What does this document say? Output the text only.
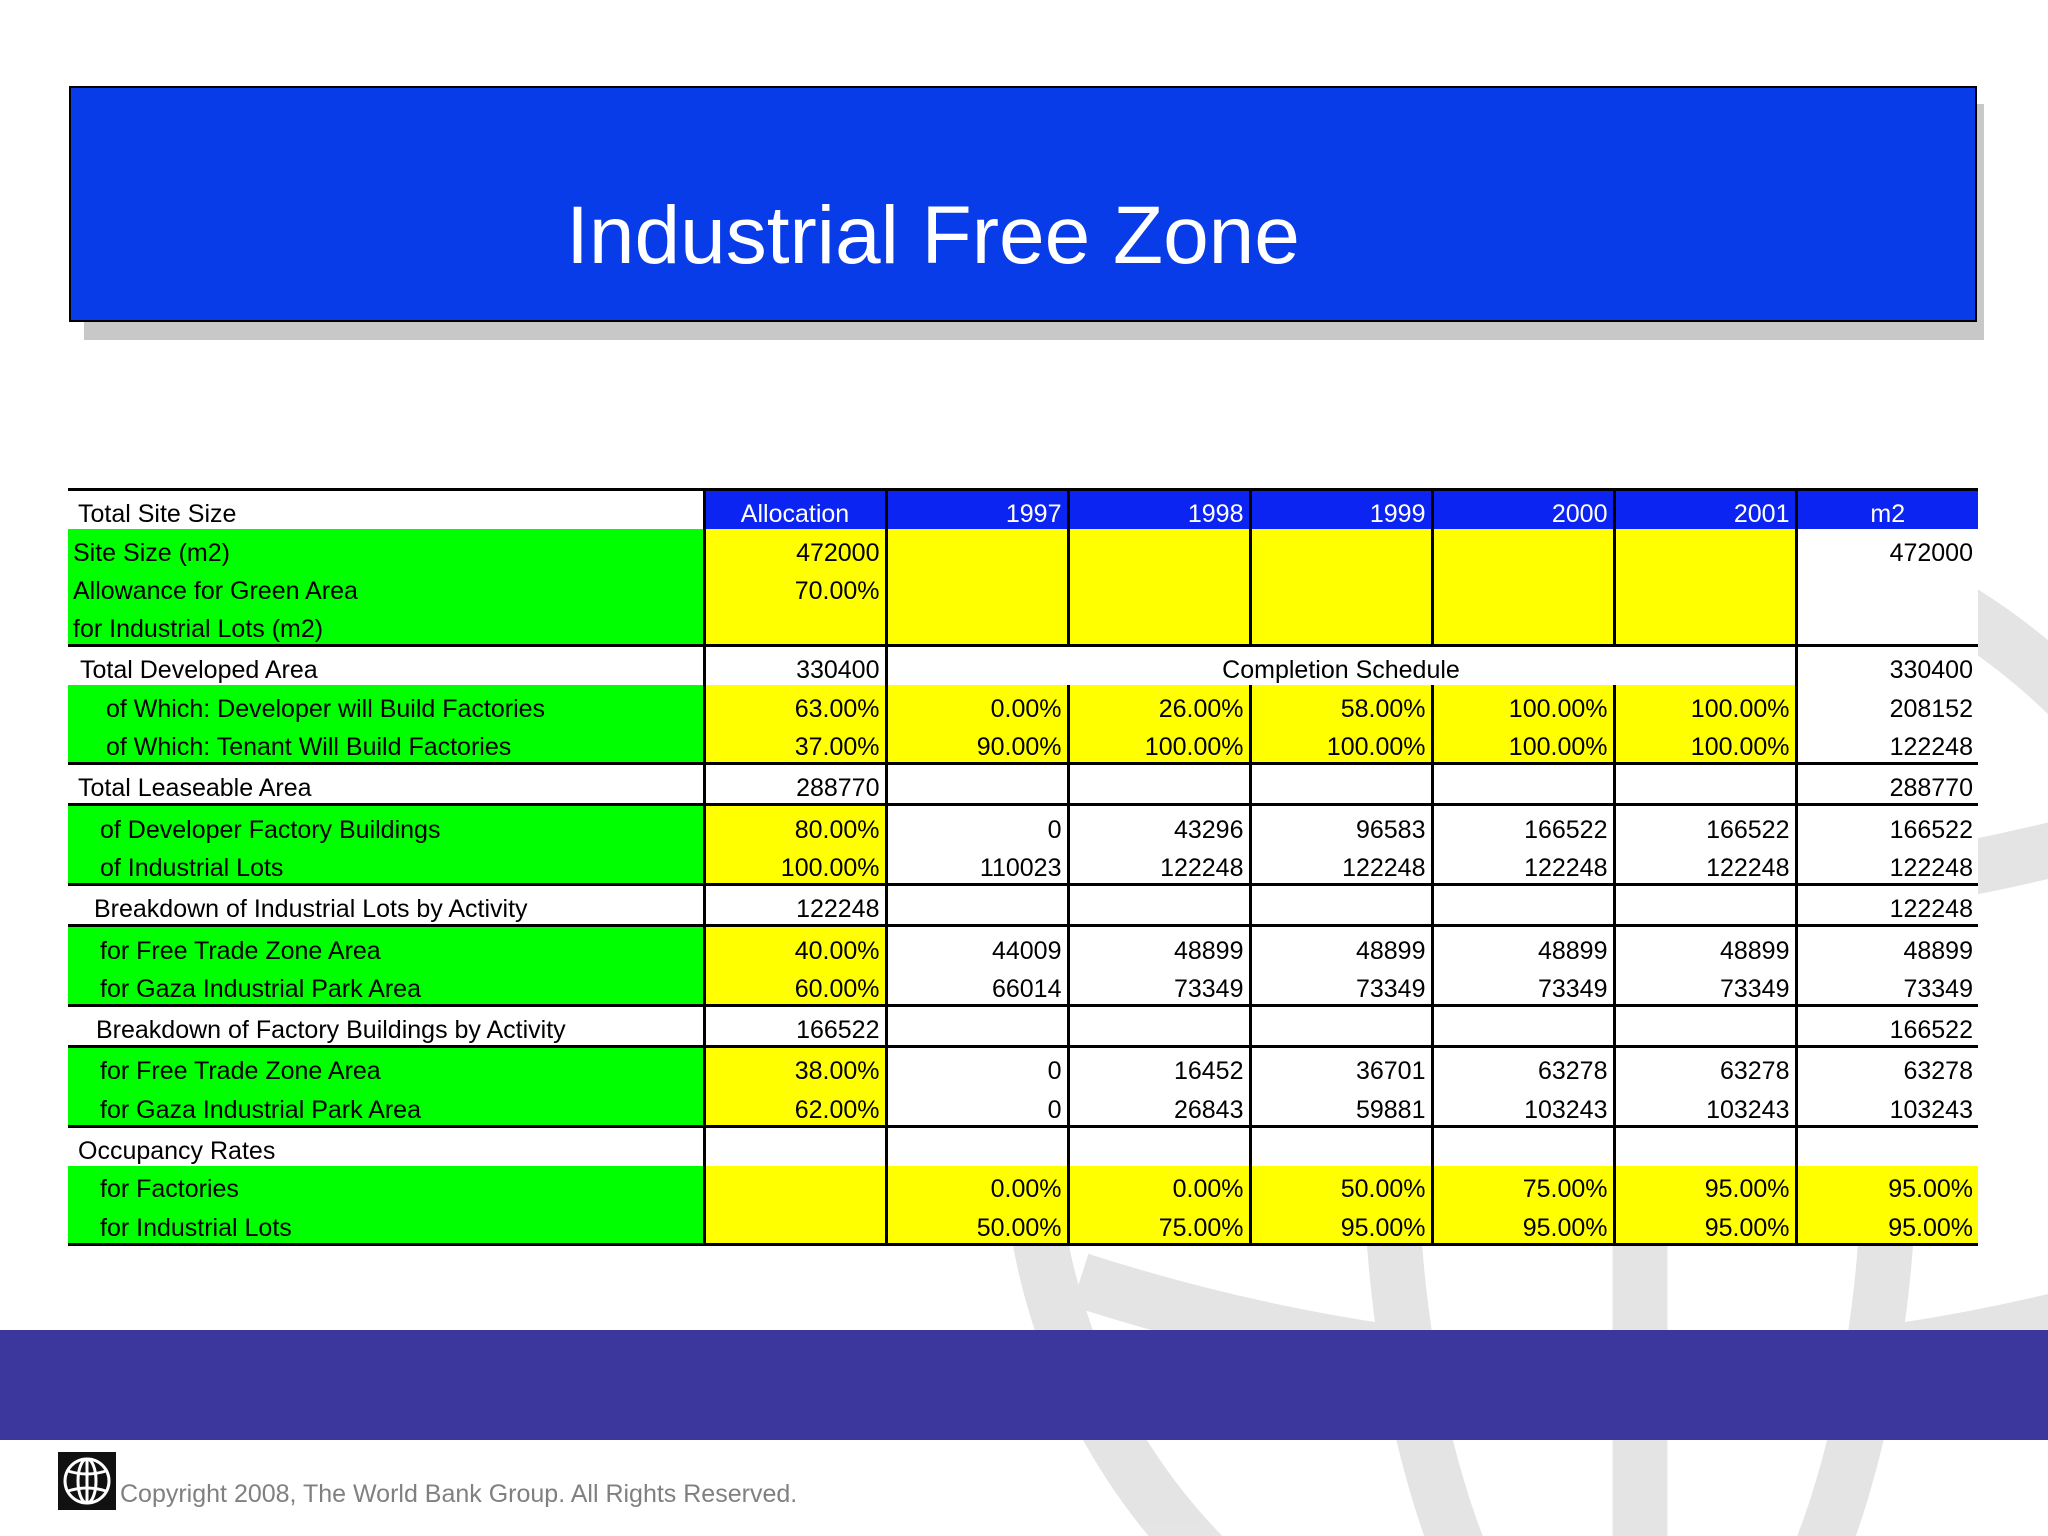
Industrial Free Zone
Total Site Size	Allocation	1997	1998	1999	2000	2001	m2
Site Size (m2)	472000						472000
Allowance for Green Area	70.00%						
for Industrial Lots (m2)							
Total Developed Area	330400	Completion Schedule					330400
of Which: Developer will Build Factories	63.00%	0.00%	26.00%	58.00%	100.00%	100.00%	208152
of Which: Tenant Will Build Factories	37.00%	90.00%	100.00%	100.00%	100.00%	100.00%	122248
Total Leaseable Area	288770						288770
of Developer Factory Buildings	80.00%	0	43296	96583	166522	166522	166522
of Industrial Lots	100.00%	110023	122248	122248	122248	122248	122248
Breakdown of Industrial Lots by Activity	122248						122248
for Free Trade Zone Area	40.00%	44009	48899	48899	48899	48899	48899
for Gaza Industrial Park Area	60.00%	66014	73349	73349	73349	73349	73349
Breakdown of Factory Buildings by Activity	166522						166522
for Free Trade Zone Area	38.00%	0	16452	36701	63278	63278	63278
for Gaza Industrial Park Area	62.00%	0	26843	59881	103243	103243	103243
Occupancy Rates							
for Factories		0.00%	0.00%	50.00%	75.00%	95.00%	95.00%
for Industrial Lots		50.00%	75.00%	95.00%	95.00%	95.00%	95.00%
Copyright 2008, The World Bank Group. All Rights Reserved.
